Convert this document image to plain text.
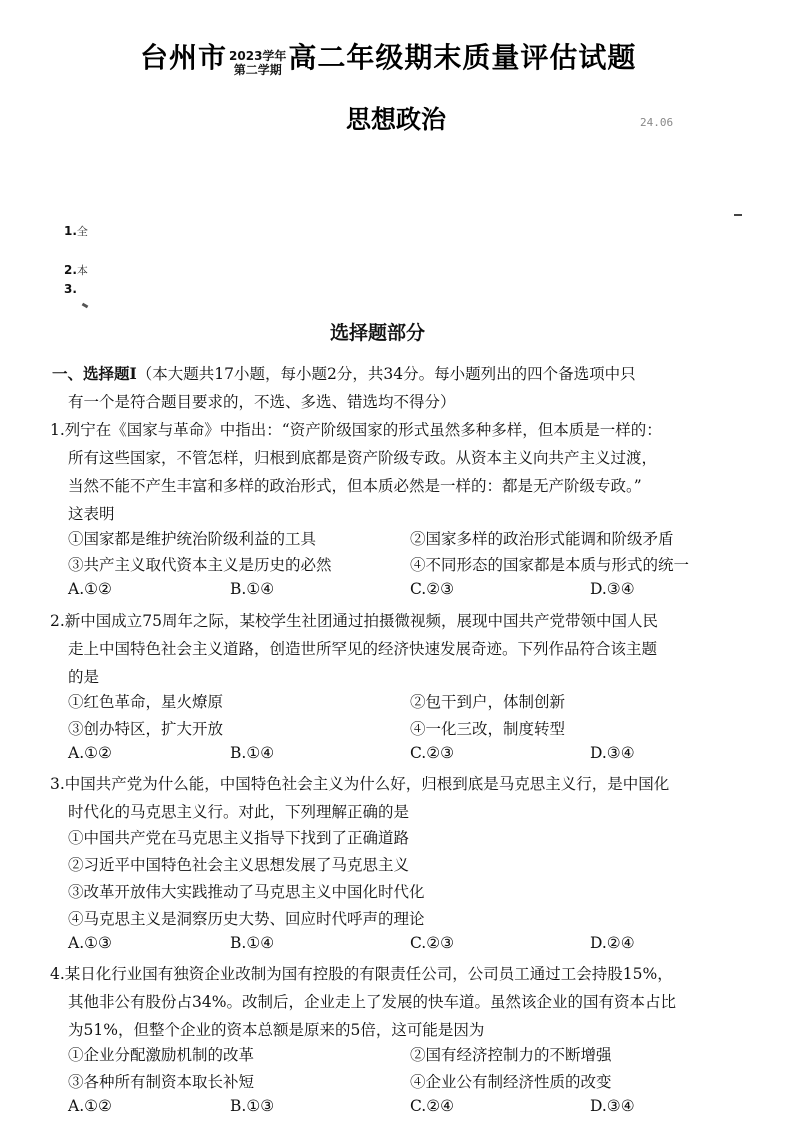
台州市 2023学年
第二学期 高二年级期末质量评估试题
思想政治	24.06
1.全
2.本
3.
选择题部分
一、选择题Ⅰ（本大题共17小题，每小题2分，共34分。每小题列出的四个备选项中只
有一个是符合题目要求的，不选、多选、错选均不得分）
1.列宁在《国家与革命》中指出：“资产阶级国家的形式虽然多种多样，但本质是一样的：
所有这些国家，不管怎样，归根到底都是资产阶级专政。从资本主义向共产主义过渡，
当然不能不产生丰富和多样的政治形式，但本质必然是一样的：都是无产阶级专政。”
这表明
①国家都是维护统治阶级利益的工具	②国家多样的政治形式能调和阶级矛盾
③共产主义取代资本主义是历史的必然	④不同形态的国家都是本质与形式的统一
A.①②	B.①④	C.②③	D.③④
2.新中国成立75周年之际，某校学生社团通过拍摄微视频，展现中国共产党带领中国人民
走上中国特色社会主义道路，创造世所罕见的经济快速发展奇迹。下列作品符合该主题
的是
①红色革命，星火燎原	②包干到户，体制创新
③创办特区，扩大开放	④一化三改，制度转型
A.①②	B.①④	C.②③	D.③④
3.中国共产党为什么能，中国特色社会主义为什么好，归根到底是马克思主义行，是中国化
时代化的马克思主义行。对此，下列理解正确的是
①中国共产党在马克思主义指导下找到了正确道路
②习近平中国特色社会主义思想发展了马克思主义
③改革开放伟大实践推动了马克思主义中国化时代化
④马克思主义是洞察历史大势、回应时代呼声的理论
A.①③	B.①④	C.②③	D.②④
4.某日化行业国有独资企业改制为国有控股的有限责任公司，公司员工通过工会持股15%，
其他非公有股份占34%。改制后，企业走上了发展的快车道。虽然该企业的国有资本占比
为51%，但整个企业的资本总额是原来的5倍，这可能是因为
①企业分配激励机制的改革	②国有经济控制力的不断增强
③各种所有制资本取长补短	④企业公有制经济性质的改变
A.①②	B.①③	C.②④	D.③④
